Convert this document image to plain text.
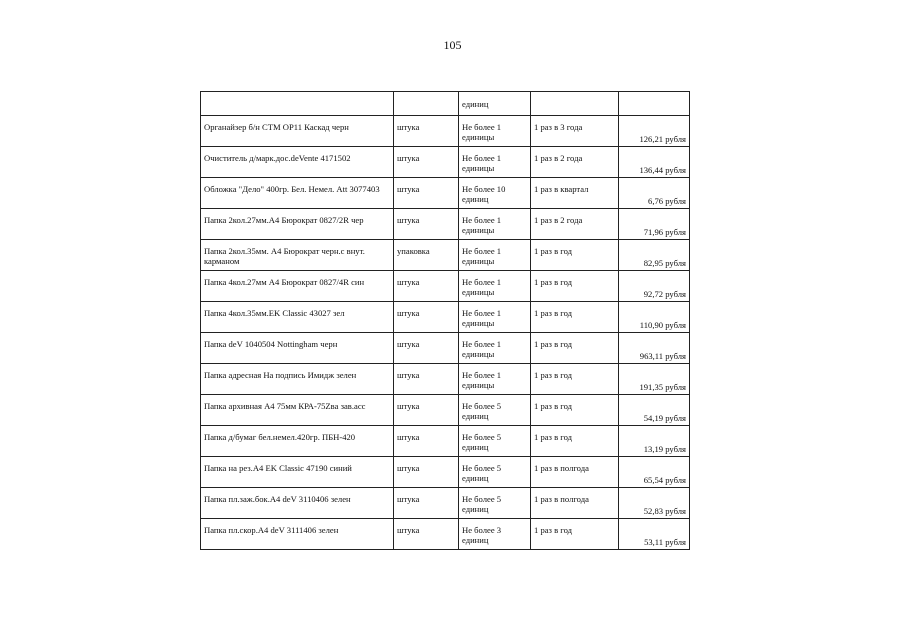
105

		единиц		

Органайзер б/н CTM OP11 Каскад черн	штука	Не более 1 единицы	1 раз в 3 года	126,21 рубля

Очиститель д/марк.дос.deVente 4171502	штука	Не более 1 единицы	1 раз в 2 года	136,44 рубля

Обложка "Дело" 400гр. Бел. Немел. Att 3077403	штука	Не более 10 единиц	1 раз в квартал	6,76 рубля

Папка 2кол.27мм.А4 Бюрократ 0827/2R чер	штука	Не более 1 единицы	1 раз в 2 года	71,96 рубля

Папка 2кол.35мм. А4 Бюрократ черн.с внут. карманом	упаковка	Не более 1 единицы	1 раз в год	82,95 рубля

Папка 4кол.27мм А4 Бюрократ 0827/4R син	штука	Не более 1 единицы	1 раз в год	92,72 рубля

Папка 4кол.35мм.EK Classic 43027 зел	штука	Не более 1 единицы	1 раз в год	110,90 рубля

Папка deV 1040504 Nottingham черн	штука	Не более 1 единицы	1 раз в год	963,11 рубля

Папка адресная На подпись Имидж зелен	штука	Не более 1 единицы	1 раз в год	191,35 рубля

Папка архивная А4 75мм КРА-75Zва зав.асс	штука	Не более 5 единиц	1 раз в год	54,19 рубля

Папка д/бумаг бел.немел.420гр. ПБН-420	штука	Не более 5 единиц	1 раз в год	13,19 рубля

Папка на рез.А4 EK Classic 47190 синий	штука	Не более 5 единиц	1 раз в полгода	65,54 рубля

Папка пл.заж.бок.А4 deV 3110406 зелен	штука	Не более 5 единиц	1 раз в полгода	52,83 рубля

Папка пл.скор.А4 deV 3111406 зелен	штука	Не более 3 единиц	1 раз в год	53,11 рубля
